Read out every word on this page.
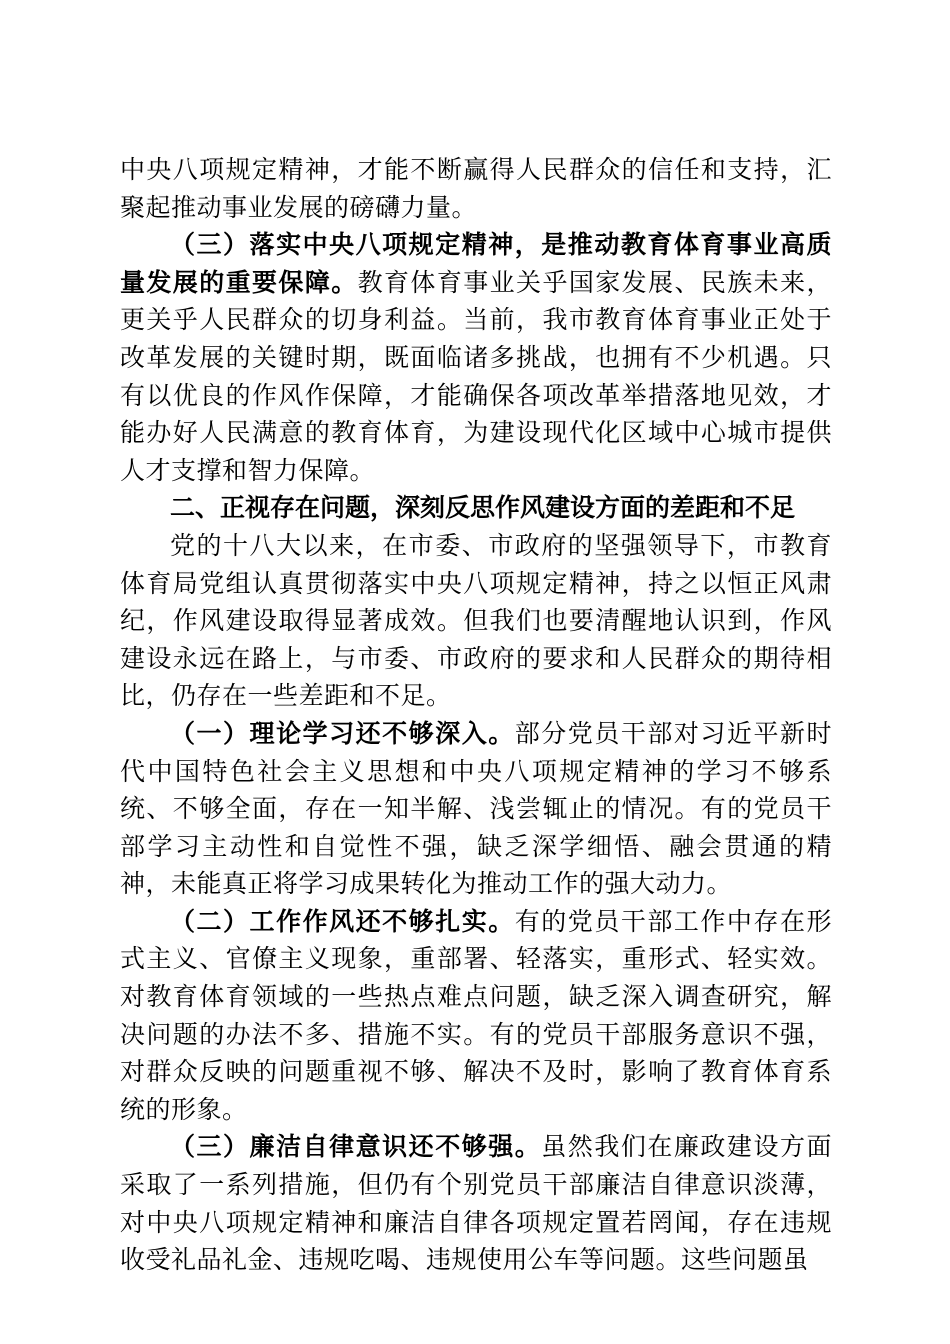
中央八项规定精神，才能不断赢得人民群众的信任和支持，汇聚起推动事业发展的磅礴力量。

（三）落实中央八项规定精神，是推动教育体育事业高质量发展的重要保障。教育体育事业关乎国家发展、民族未来，更关乎人民群众的切身利益。当前，我市教育体育事业正处于改革发展的关键时期，既面临诸多挑战，也拥有不少机遇。只有以优良的作风作保障，才能确保各项改革举措落地见效，才能办好人民满意的教育体育，为建设现代化区域中心城市提供人才支撑和智力保障。

二、正视存在问题，深刻反思作风建设方面的差距和不足

党的十八大以来，在市委、市政府的坚强领导下，市教育体育局党组认真贯彻落实中央八项规定精神，持之以恒正风肃纪，作风建设取得显著成效。但我们也要清醒地认识到，作风建设永远在路上，与市委、市政府的要求和人民群众的期待相比，仍存在一些差距和不足。

（一）理论学习还不够深入。部分党员干部对习近平新时代中国特色社会主义思想和中央八项规定精神的学习不够系统、不够全面，存在一知半解、浅尝辄止的情况。有的党员干部学习主动性和自觉性不强，缺乏深学细悟、融会贯通的精神，未能真正将学习成果转化为推动工作的强大动力。

（二）工作作风还不够扎实。有的党员干部工作中存在形式主义、官僚主义现象，重部署、轻落实，重形式、轻实效。对教育体育领域的一些热点难点问题，缺乏深入调查研究，解决问题的办法不多、措施不实。有的党员干部服务意识不强，对群众反映的问题重视不够、解决不及时，影响了教育体育系统的形象。

（三）廉洁自律意识还不够强。虽然我们在廉政建设方面采取了一系列措施，但仍有个别党员干部廉洁自律意识淡薄，对中央八项规定精神和廉洁自律各项规定置若罔闻，存在违规收受礼品礼金、违规吃喝、违规使用公车等问题。这些问题虽
